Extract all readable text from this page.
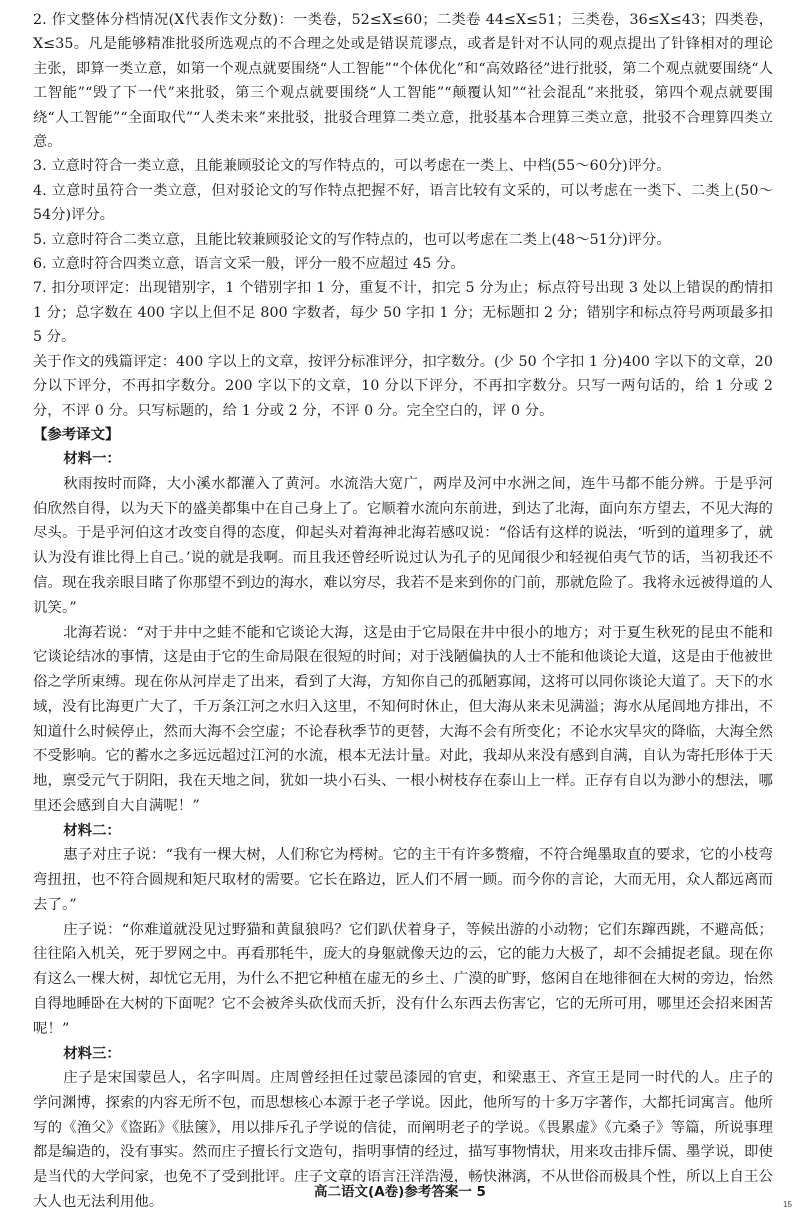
2. 作文整体分档情况(X代表作文分数)：一类卷，52≤X≤60；二类卷 44≤X≤51；三类卷，36≤X≤43；四类卷，X≤35。凡是能够精准批驳所选观点的不合理之处或是错误荒谬点，或者是针对不认同的观点提出了针锋相对的理论主张，即算一类立意，如第一个观点就要围绕“人工智能”“个体优化”和“高效路径”进行批驳，第二个观点就要围绕“人工智能”“毁了下一代”来批驳，第三个观点就要围绕“人工智能”“颠覆认知”“社会混乱”来批驳，第四个观点就要围绕“人工智能”“全面取代”“人类未来”来批驳，批驳合理算二类立意，批驳基本合理算三类立意，批驳不合理算四类立意。

3. 立意时符合一类立意，且能兼顾驳论文的写作特点的，可以考虑在一类上、中档(55～60分)评分。

4. 立意时虽符合一类立意，但对驳论文的写作特点把握不好，语言比较有文采的，可以考虑在一类下、二类上(50～54分)评分。

5. 立意时符合二类立意，且能比较兼顾驳论文的写作特点的，也可以考虑在二类上(48～51分)评分。

6. 立意时符合四类立意，语言文采一般，评分一般不应超过 45 分。

7. 扣分项评定：出现错别字，1 个错别字扣 1 分，重复不计，扣完 5 分为止；标点符号出现 3 处以上错误的酌情扣 1 分；总字数在 400 字以上但不足 800 字数者，每少 50 字扣 1 分；无标题扣 2 分；错别字和标点符号两项最多扣 5 分。

关于作文的残篇评定：400 字以上的文章，按评分标准评分，扣字数分。(少 50 个字扣 1 分)400 字以下的文章，20 分以下评分，不再扣字数分。200 字以下的文章，10 分以下评分，不再扣字数分。只写一两句话的，给 1 分或 2 分，不评 0 分。只写标题的，给 1 分或 2 分，不评 0 分。完全空白的，评 0 分。

【参考译文】

材料一：

秋雨按时而降，大小溪水都灌入了黄河。水流浩大宽广，两岸及河中水洲之间，连牛马都不能分辨。于是乎河伯欣然自得，以为天下的盛美都集中在自己身上了。它顺着水流向东前进，到达了北海，面向东方望去，不见大海的尽头。于是乎河伯这才改变自得的态度，仰起头对着海神北海若感叹说：“俗话有这样的说法，‘听到的道理多了，就认为没有谁比得上自己。’说的就是我啊。而且我还曾经听说过认为孔子的见闻很少和轻视伯夷气节的话，当初我还不信。现在我亲眼目睹了你那望不到边的海水，难以穷尽，我若不是来到你的门前，那就危险了。我将永远被得道的人讥笑。”

北海若说：“对于井中之蛙不能和它谈论大海，这是由于它局限在井中很小的地方；对于夏生秋死的昆虫不能和它谈论结冰的事情，这是由于它的生命局限在很短的时间；对于浅陋偏执的人士不能和他谈论大道，这是由于他被世俗之学所束缚。现在你从河岸走了出来，看到了大海，方知你自己的孤陋寡闻，这将可以同你谈论大道了。天下的水域，没有比海更广大了，千万条江河之水归入这里，不知何时休止，但大海从来未见满溢；海水从尾闾地方排出，不知道什么时候停止，然而大海不会空虚；不论春秋季节的更替，大海不会有所变化；不论水灾旱灾的降临，大海全然不受影响。它的蓄水之多远远超过江河的水流，根本无法计量。对此，我却从来没有感到自满，自认为寄托形体于天地，禀受元气于阴阳，我在天地之间，犹如一块小石头、一根小树枝存在泰山上一样。正存有自以为渺小的想法，哪里还会感到自大自满呢！”

材料二：

惠子对庄子说：“我有一棵大树，人们称它为樗树。它的主干有许多赘瘤，不符合绳墨取直的要求，它的小枝弯弯扭扭，也不符合圆规和矩尺取材的需要。它长在路边，匠人们不屑一顾。而今你的言论，大而无用，众人都远离而去了。”

庄子说：“你难道就没见过野猫和黄鼠狼吗？它们趴伏着身子，等候出游的小动物；它们东蹿西跳，不避高低；往往陷入机关，死于罗网之中。再看那牦牛，庞大的身躯就像天边的云，它的能力大极了，却不会捕捉老鼠。现在你有这么一棵大树，却忧它无用，为什么不把它种植在虚无的乡土、广漠的旷野，悠闲自在地徘徊在大树的旁边，怡然自得地睡卧在大树的下面呢？它不会被斧头砍伐而夭折，没有什么东西去伤害它，它的无所可用，哪里还会招来困苦呢！”

材料三：

庄子是宋国蒙邑人，名字叫周。庄周曾经担任过蒙邑漆园的官吏，和梁惠王、齐宣王是同一时代的人。庄子的学问渊博，探索的内容无所不包，而思想核心本源于老子学说。因此，他所写的十多万字著作，大都托词寓言。他所写的《渔父》《盗跖》《胠箧》，用以排斥孔子学说的信徒，而阐明老子的学说。《畏累虚》《亢桑子》等篇，所说事理都是编造的，没有事实。然而庄子擅长行文造句，指明事情的经过，描写事物情状，用来攻击排斥儒、墨学说，即使是当代的大学问家，也免不了受到批评。庄子文章的语言汪洋浩漫，畅快淋漓，不从世俗而极具个性，所以上自王公大人也无法利用他。

高二语文(A卷)参考答案一 5
15
